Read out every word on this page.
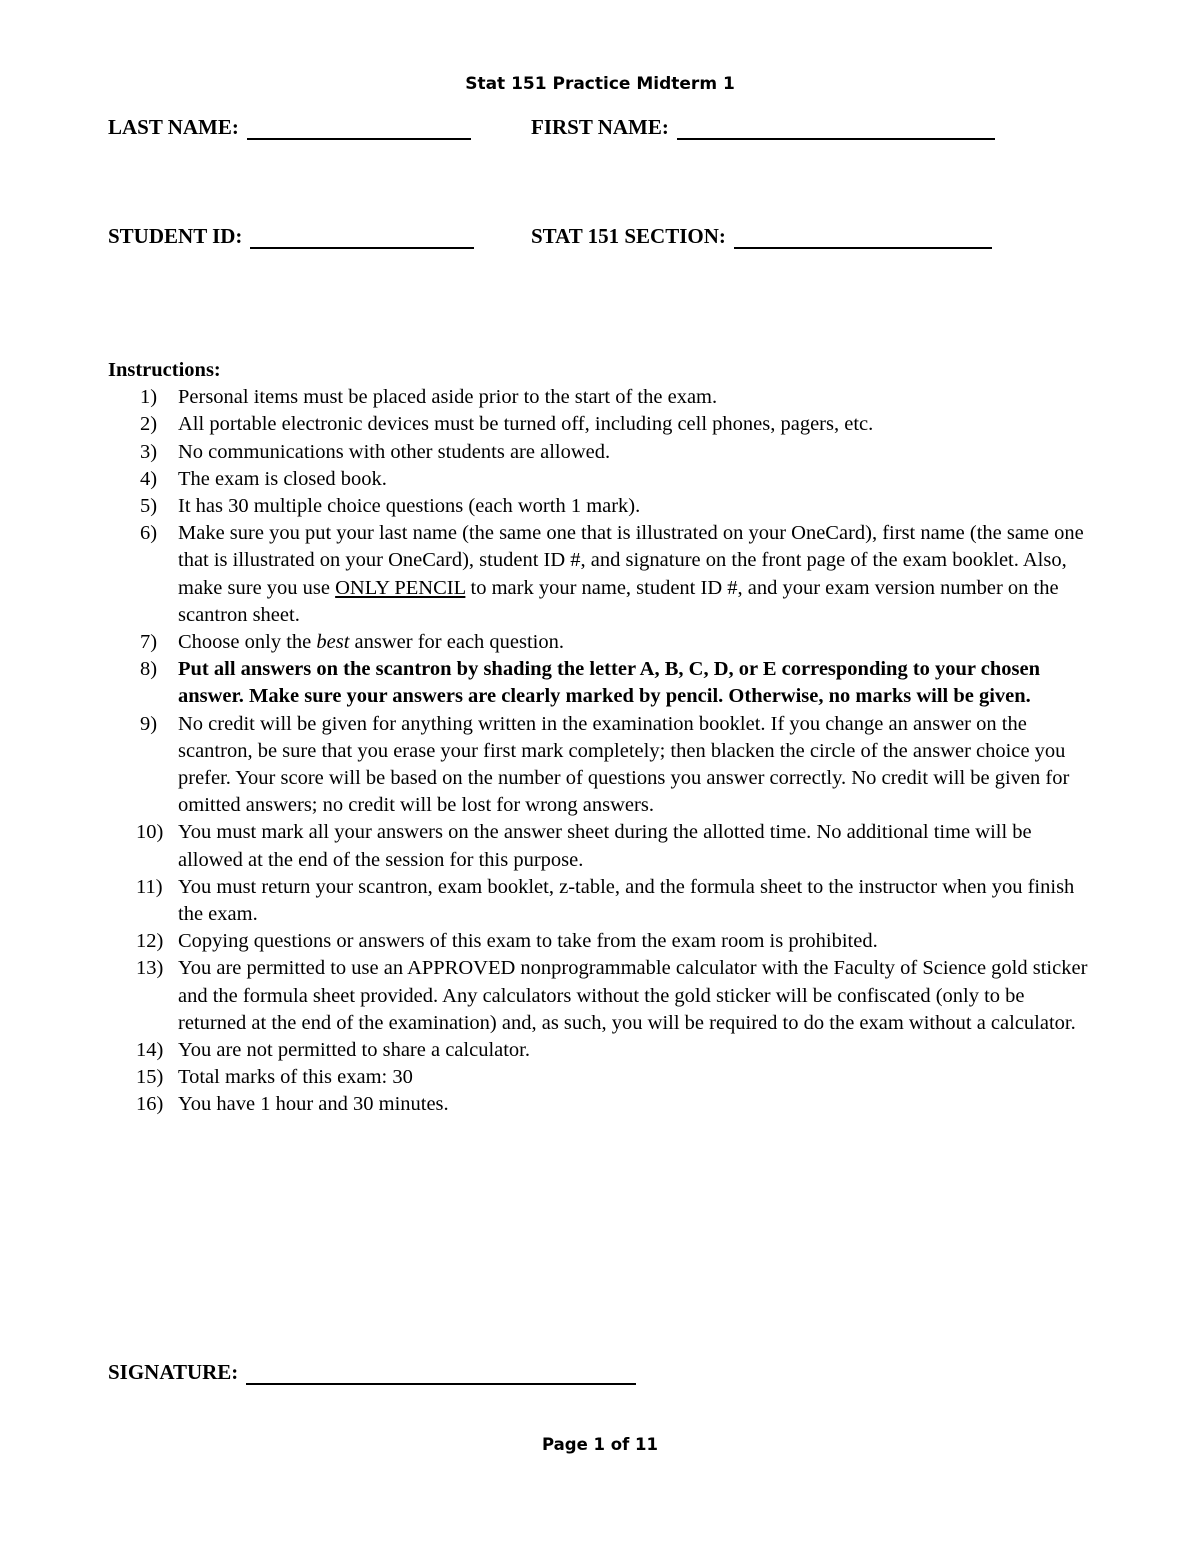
Stat 151 Practice Midterm 1
LAST NAME:	FIRST NAME:
STUDENT ID:	STAT 151 SECTION:
Instructions:
1) Personal items must be placed aside prior to the start of the exam.
2) All portable electronic devices must be turned off, including cell phones, pagers, etc.
3) No communications with other students are allowed.
4) The exam is closed book.
5) It has 30 multiple choice questions (each worth 1 mark).
6) Make sure you put your last name (the same one that is illustrated on your OneCard), first name (the same one that is illustrated on your OneCard), student ID #, and signature on the front page of the exam booklet. Also, make sure you use ONLY PENCIL to mark your name, student ID #, and your exam version number on the scantron sheet.
7) Choose only the best answer for each question.
8) Put all answers on the scantron by shading the letter A, B, C, D, or E corresponding to your chosen answer. Make sure your answers are clearly marked by pencil. Otherwise, no marks will be given.
9) No credit will be given for anything written in the examination booklet. If you change an answer on the scantron, be sure that you erase your first mark completely; then blacken the circle of the answer choice you prefer. Your score will be based on the number of questions you answer correctly. No credit will be given for omitted answers; no credit will be lost for wrong answers.
10) You must mark all your answers on the answer sheet during the allotted time. No additional time will be allowed at the end of the session for this purpose.
11) You must return your scantron, exam booklet, z-table, and the formula sheet to the instructor when you finish the exam.
12) Copying questions or answers of this exam to take from the exam room is prohibited.
13) You are permitted to use an APPROVED nonprogrammable calculator with the Faculty of Science gold sticker and the formula sheet provided. Any calculators without the gold sticker will be confiscated (only to be returned at the end of the examination) and, as such, you will be required to do the exam without a calculator.
14) You are not permitted to share a calculator.
15) Total marks of this exam: 30
16) You have 1 hour and 30 minutes.
SIGNATURE:
Page 1 of 11
